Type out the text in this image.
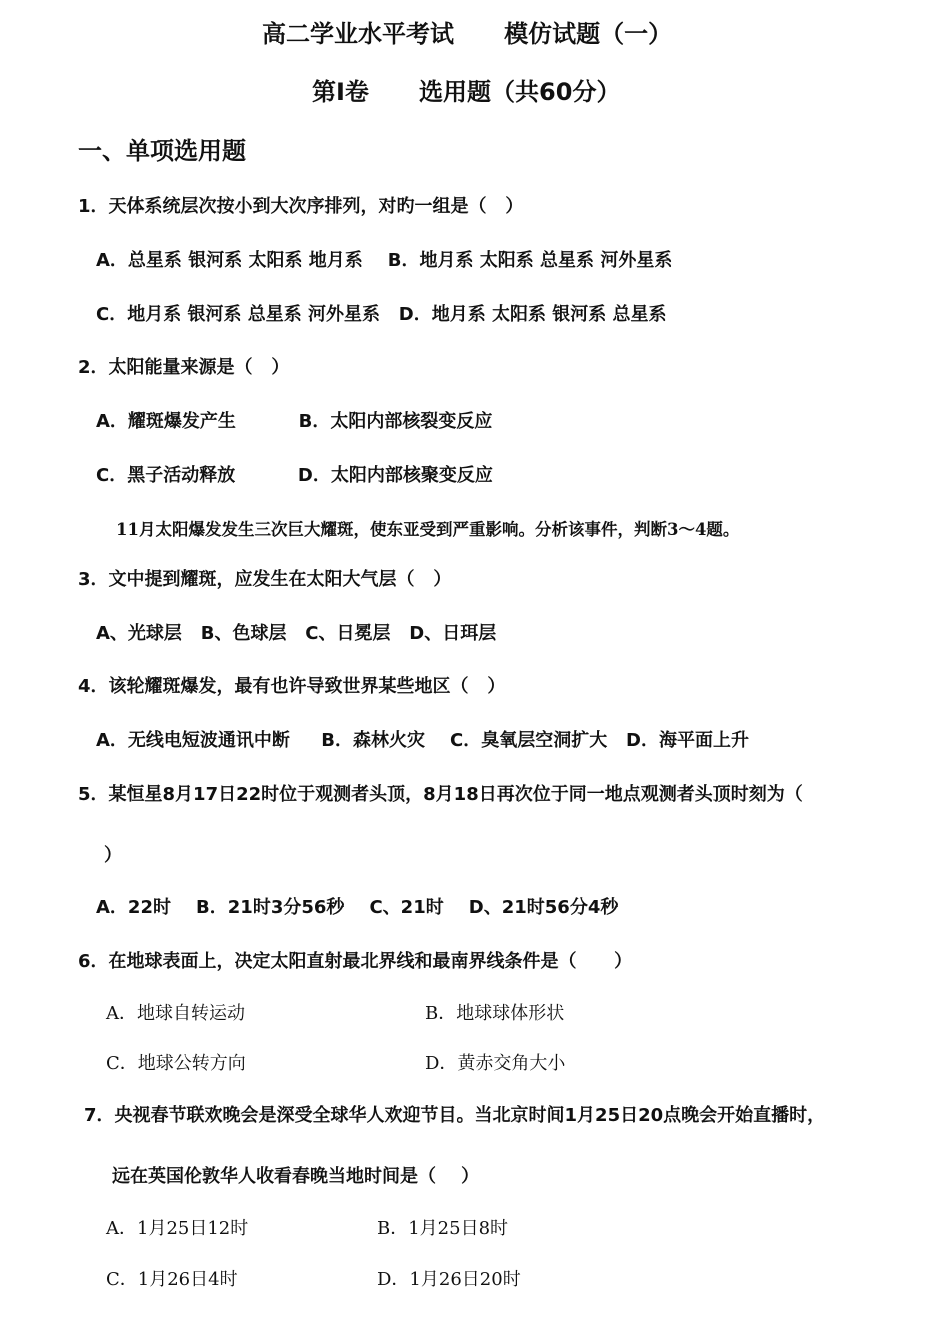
高二学业水平考试      模仿试题（一）
第Ⅰ卷      选用题（共60分）
一、单项选用题
1．天体系统层次按小到大次序排列，对旳一组是（   ）
A．总星系 银河系 太阳系 地月系    B．地月系 太阳系 总星系 河外星系
C．地月系 银河系 总星系 河外星系   D．地月系 太阳系 银河系 总星系
2．太阳能量来源是（   ）
A．耀斑爆发产生          B．太阳内部核裂变反应
C．黑子活动释放          D．太阳内部核聚变反应
11月太阳爆发发生三次巨大耀斑，使东亚受到严重影响。分析该事件，判断3～4题。
3．文中提到耀斑，应发生在太阳大气层（   ）
A、光球层   B、色球层   C、日冕层   D、日珥层
4．该轮耀斑爆发，最有也许导致世界某些地区（   ）
A．无线电短波通讯中断     B．森林火灾    C．臭氧层空洞扩大   D．海平面上升
5．某恒星8月17日22时位于观测者头顶，8月18日再次位于同一地点观测者头顶时刻为（
）
A．22时    B．21时3分56秒    C、21时    D、21时56分4秒
6．在地球表面上，决定太阳直射最北界线和最南界线条件是（      ）
A．地球自转运动	B．地球球体形状
C．地球公转方向	D．黄赤交角大小
7．央视春节联欢晚会是深受全球华人欢迎节目。当北京时间1月25日20点晚会开始直播时，
远在英国伦敦华人收看春晚当地时间是（    ）
A．1月25日12时	B．1月25日8时
C．1月26日4时	D．1月26日20时
